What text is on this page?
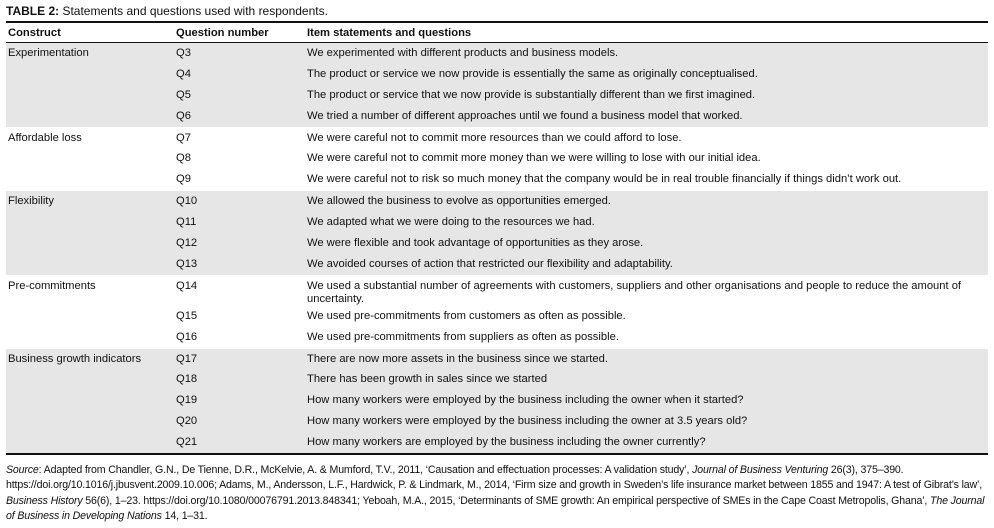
TABLE 2: Statements and questions used with respondents.
Construct	Question number	Item statements and questions

Experimentation	Q3	We experimented with different products and business models.

	Q4	The product or service we now provide is essentially the same as originally conceptualised.

	Q5	The product or service that we now provide is substantially different than we first imagined.

	Q6	We tried a number of different approaches until we found a business model that worked.

Affordable loss	Q7	We were careful not to commit more resources than we could afford to lose.

	Q8	We were careful not to commit more money than we were willing to lose with our initial idea.

	Q9	We were careful not to risk so much money that the company would be in real trouble financially if things didn’t work out.

Flexibility	Q10	We allowed the business to evolve as opportunities emerged.

	Q11	We adapted what we were doing to the resources we had.

	Q12	We were flexible and took advantage of opportunities as they arose.

	Q13	We avoided courses of action that restricted our flexibility and adaptability.

Pre-commitments	Q14	We used a substantial number of agreements with customers, suppliers and other organisations and people to reduce the amount of uncertainty.

	Q15	We used pre-commitments from customers as often as possible.

	Q16	We used pre-commitments from suppliers as often as possible.

Business growth indicators	Q17	There are now more assets in the business since we started.

	Q18	There has been growth in sales since we started

	Q19	How many workers were employed by the business including the owner when it started?

	Q20	How many workers were employed by the business including the owner at 3.5 years old?

	Q21	How many workers are employed by the business including the owner currently?
Source: Adapted from Chandler, G.N., De Tienne, D.R., McKelvie, A. & Mumford, T.V., 2011, ‘Causation and effectuation processes: A validation study’, Journal of Business Venturing 26(3), 375–390. https://doi.org/10.1016/j.jbusvent.2009.10.006; Adams, M., Andersson, L.F., Hardwick, P. & Lindmark, M., 2014, ‘Firm size and growth in Sweden’s life insurance market between 1855 and 1947: A test of Gibrat’s law’, Business History 56(6), 1–23. https://doi.org/10.1080/00076791.2013.848341; Yeboah, M.A., 2015, ‘Determinants of SME growth: An empirical perspective of SMEs in the Cape Coast Metropolis, Ghana’, The Journal of Business in Developing Nations 14, 1–31.
